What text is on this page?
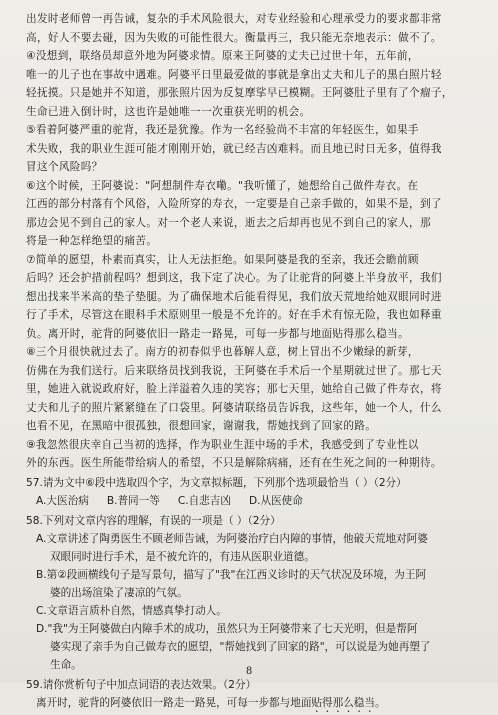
出发时老师曾一再告诫，复杂的手术风险很大，对专业经验和心理承受力的要求都非常
高，好人不要去碰，因为失败的可能性很大。衡量再三，我只能无奈地表示：做不了。
④没想到，联络员却意外地为阿婆求情。原来王阿婆的丈夫已过世十年，五年前，
唯一的儿子也在事故中遇难。阿婆平日里最爱做的事就是拿出丈夫和儿子的黑白照片轻
轻抚摸。只是她并不知道，那张照片因为反复摩挲早已模糊。王阿婆肚子里有了个瘤子，
生命已进入倒计时，这也许是她唯一一次重获光明的机会。
⑤看着阿婆严重的驼背，我还是犹豫。作为一名经验尚不丰富的年轻医生，如果手
术失败，我的职业生涯可能才刚刚开始，就已经吉凶难料。而且地已时日无多，值得我
冒这个风险吗？
⑥这个时候，王阿婆说："阿想制件寿衣嘞。"我听懂了，她想给自己做件寿衣。在
江西的部分村落有个风俗，入险所穿的寿衣，一定要是自己亲手做的，如果不是，到了
那边会见不到自己的家人。对一个老人来说，逝去之后却再也见不到自己的家人，那
将是一种怎样绝望的痛苦。
⑦简单的愿望，朴素而真实，让人无法拒绝。如果阿婆是我的至亲，我还会瞻前顾
后吗？还会护措前程吗？想到这，我下定了决心。为了让驼背的阿婆上半身放平，我们
想出找来半米高的垫子垫腿。为了确保地术后能看得见，我们放天荒地给她双眼同时进
行了手术，尽管这在眼科手术原则里一般是不允许的。好在手术有惊无险，我也如释重
负。离开时，驼背的阿婆依旧一路走一路晃，可每一步都与地面贴得那么稳当。
⑧三个月很快就过去了。南方的初春似乎也暮解人意，树上冒出不少嫩绿的新芽，
仿佛在为我们送行。后来联络员找到我说，王阿婆在手术后一个星期就过世了。那七天
里，她进入就说政府好，脸上洋溢着久违的笑容；那七天里，她给自己做了件寿衣，将
丈夫和儿子的照片紧紧缝在了口袋里。阿婆请联络员告诉我，这些年，她一个人，什么
也看不见，在黑暗中很孤独，很想回家，谢谢我，帮她找到了回家的路。
⑨我忽然很庆幸自己当初的选择，作为职业生涯中场的手术，我感受到了专业性以
外的东西。医生所能带给病人的希望，不只是解除病痛，还有在生死之间的一种期待。

57.请为文中⑥段中选取四个字，为文章拟标题，下列那个选项最恰当（ ）（2分）

A.大医治病 B.普同一等 C.自悲吉凶 D.从医使命

58.下列对文章内容的理解，有误的一项是（ ）（2分）

A.文章讲述了陶勇医生不顾老师告诫，为阿婆治疗白内障的事情，他破天荒地对阿婆
双眼同时进行手术，是不被允许的，有违从医职业道德。
B.第②段画横线句子是写景句，描写了"我"在江西义诊时的天气状况及环境，为王阿
婆的出场渲染了凄凉的气氛。
C.文章语言质朴自然，情感真挚打动人。
D."我"为王阿婆做白内障手术的成功，虽然只为王阿婆带来了七天光明，但是帮阿
婆实现了亲手为自己做寿衣的愿望，"帮她找到了回家的路"，可以说是为她再塑了
生命。

59.请你赏析句子中加点词语的表达效果。（2分）

离开时，驼背的阿婆依旧一路走一路晃，可每一步都与地面贴得那么稳当。

8
